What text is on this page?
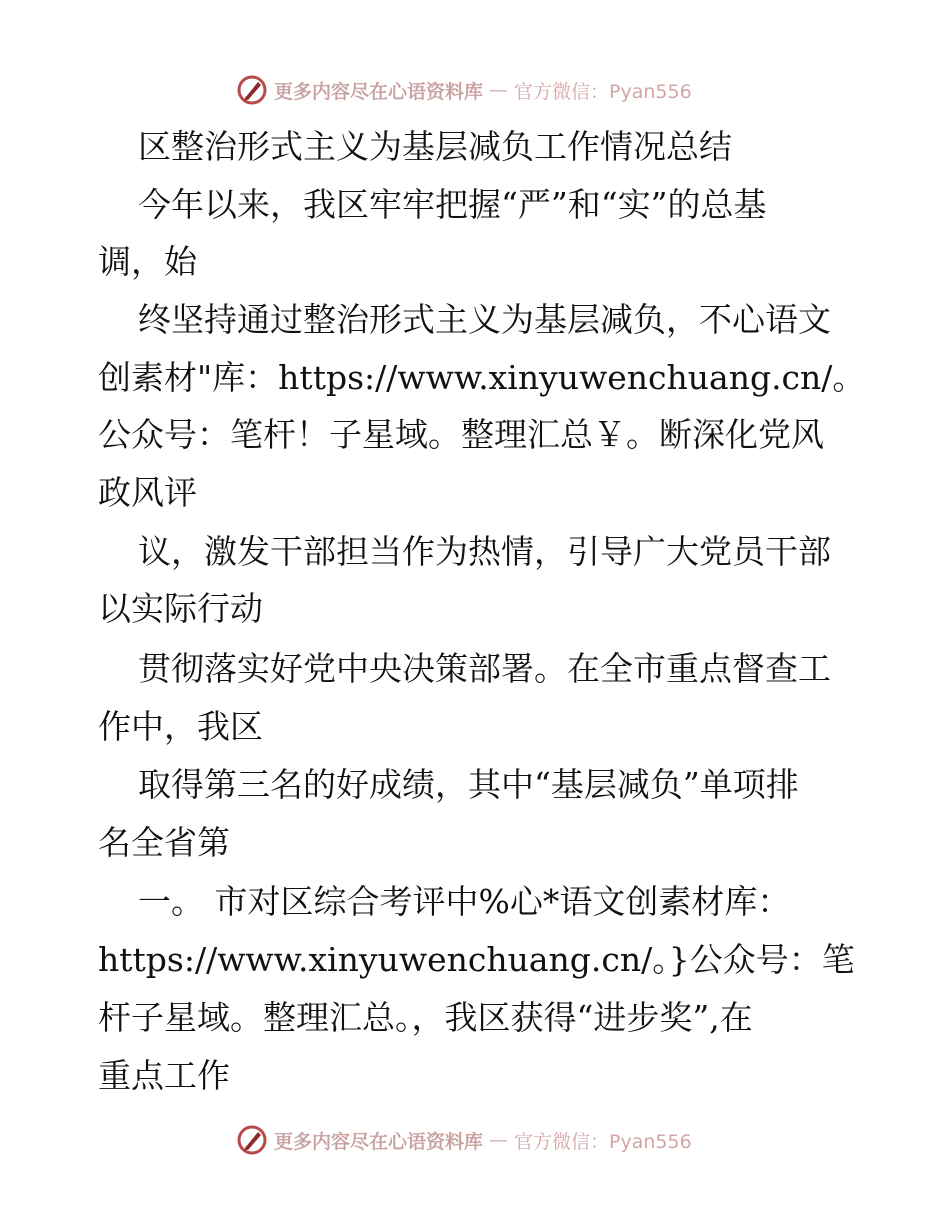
更多内容尽在心语资料库 — 官方微信：Pyan556
区整治形式主义为基层减负工作情况总结
今年以来，我区牢牢把握“严”和“实”的总基
调，始
终坚持通过整治形式主义为基层减负，不心语文
创素材"库：https://www.xinyuwenchuang.cn/。
公众号：笔杆！子星域。整理汇总￥。断深化党风
政风评
议，激发干部担当作为热情，引导广大党员干部
以实际行动
贯彻落实好党中央决策部署。在全市重点督查工
作中，我区
取得第三名的好成绩，其中“基层减负”单项排
名全省第
一。 市对区综合考评中%心*语文创素材库：
https://www.xinyuwenchuang.cn/。}公众号：笔
杆子星域。整理汇总。，我区获得“进步奖”,在
重点工作
更多内容尽在心语资料库 — 官方微信：Pyan556
